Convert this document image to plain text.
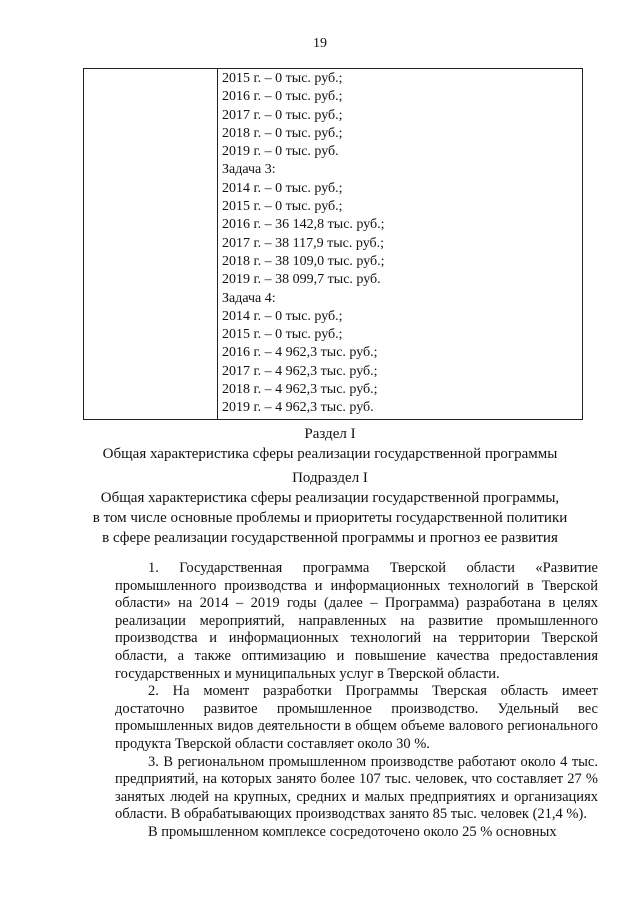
19

2015 г. – 0 тыс. руб.;
2016 г. – 0 тыс. руб.;
2017 г. – 0 тыс. руб.;
2018 г. – 0 тыс. руб.;
2019 г. – 0 тыс. руб.
Задача 3:
2014 г. – 0 тыс. руб.;
2015 г. – 0 тыс. руб.;
2016 г. – 36 142,8 тыс. руб.;
2017 г. – 38 117,9 тыс. руб.;
2018 г. – 38 109,0 тыс. руб.;
2019 г. – 38 099,7 тыс. руб.
Задача 4:
2014 г. – 0 тыс. руб.;
2015 г. – 0 тыс. руб.;
2016 г. – 4 962,3 тыс. руб.;
2017 г. – 4 962,3 тыс. руб.;
2018 г. – 4 962,3 тыс. руб.;
2019 г. – 4 962,3 тыс. руб.
Раздел I
Общая характеристика сферы реализации государственной программы
Подраздел I
Общая характеристика сферы реализации государственной программы,
в том числе основные проблемы и приоритеты государственной политики
в сфере реализации государственной программы и прогноз ее развития

1. Государственная программа Тверской области «Развитие промышленного производства и информационных технологий в Тверской области» на 2014 – 2019 годы (далее – Программа) разработана в целях реализации мероприятий, направленных на развитие промышленного производства и информационных технологий на территории Тверской области, а также оптимизацию и повышение качества предоставления государственных и муниципальных услуг в Тверской области.

2. На момент разработки Программы Тверская область имеет достаточно развитое промышленное производство. Удельный вес промышленных видов деятельности в общем объеме валового регионального продукта Тверской области составляет около 30 %.

3. В региональном промышленном производстве работают около 4 тыс. предприятий, на которых занято более 107 тыс. человек, что составляет 27 % занятых людей на крупных, средних и малых предприятиях и организациях области. В обрабатывающих производствах занято 85 тыс. человек (21,4 %).

В промышленном комплексе сосредоточено около 25 % основных
